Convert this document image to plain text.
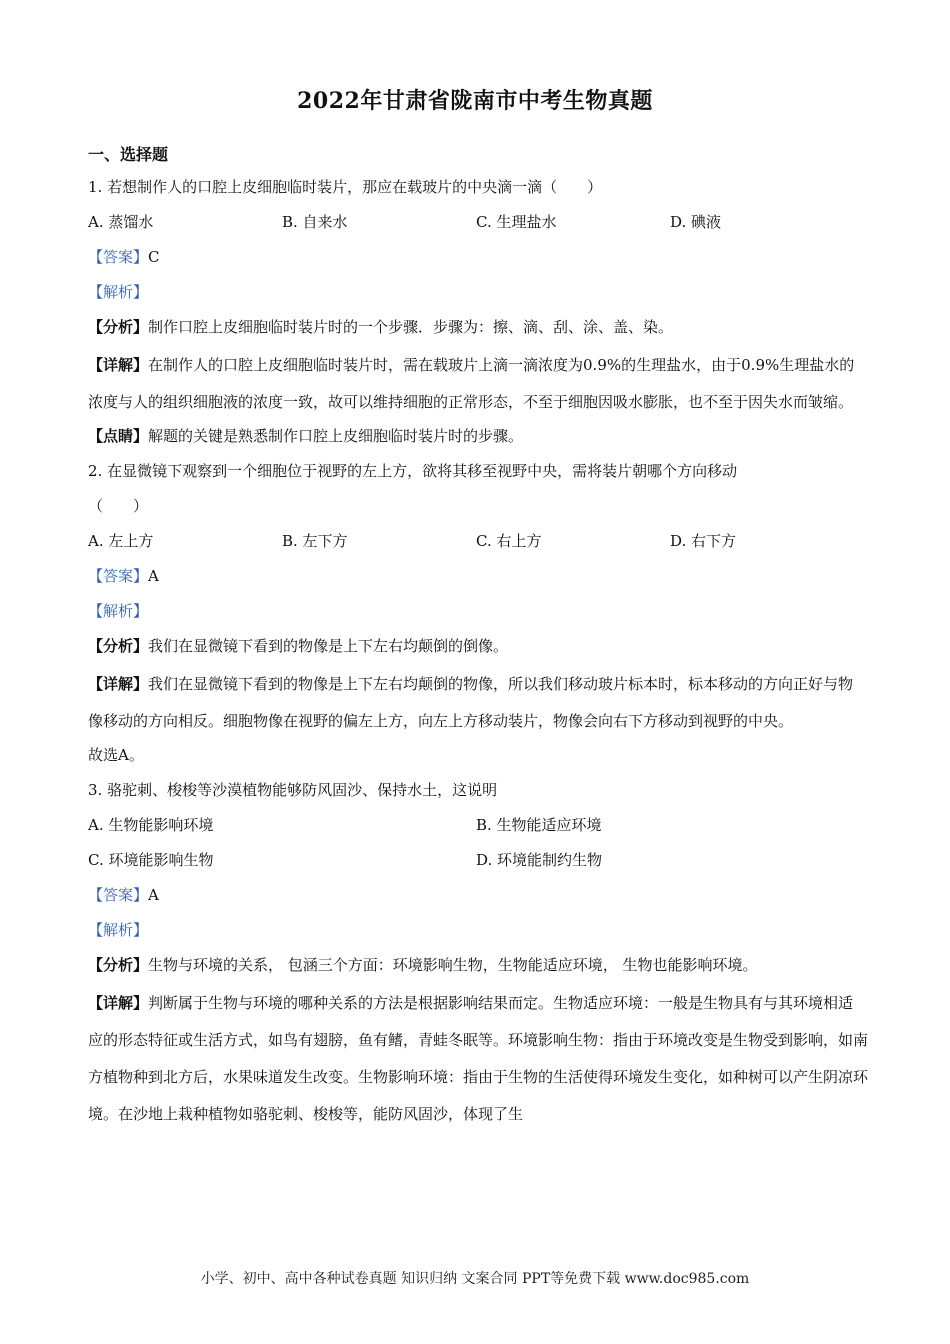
2022年甘肃省陇南市中考生物真题
一、选择题
1. 若想制作人的口腔上皮细胞临时装片，那应在载玻片的中央滴一滴（　　）
A. 蒸馏水	B. 自来水	C. 生理盐水	D. 碘液
【答案】C
【解析】
【分析】制作口腔上皮细胞临时装片时的一个步骤．步骤为：擦、滴、刮、涂、盖、染。
【详解】在制作人的口腔上皮细胞临时装片时，需在载玻片上滴一滴浓度为0.9%的生理盐水，由于0.9%生理盐水的浓度与人的组织细胞液的浓度一致，故可以维持细胞的正常形态，不至于细胞因吸水膨胀，也不至于因失水而皱缩。
【点睛】解题的关键是熟悉制作口腔上皮细胞临时装片时的步骤。
2. 在显微镜下观察到一个细胞位于视野的左上方，欲将其移至视野中央，需将装片朝哪个方向移动
（　　）
A. 左上方	B. 左下方	C. 右上方	D. 右下方
【答案】A
【解析】
【分析】我们在显微镜下看到的物像是上下左右均颠倒的倒像。
【详解】我们在显微镜下看到的物像是上下左右均颠倒的物像，所以我们移动玻片标本时，标本移动的方向正好与物像移动的方向相反。细胞物像在视野的偏左上方，向左上方移动装片，物像会向右下方移动到视野的中央。
故选A。
3. 骆驼刺、梭梭等沙漠植物能够防风固沙、保持水土，这说明
A. 生物能影响环境	B. 生物能适应环境
C. 环境能影响生物	D. 环境能制约生物
【答案】A
【解析】
【分析】生物与环境的关系， 包涵三个方面：环境影响生物，生物能适应环境， 生物也能影响环境。
【详解】判断属于生物与环境的哪种关系的方法是根据影响结果而定。生物适应环境：一般是生物具有与其环境相适应的形态特征或生活方式，如鸟有翅膀，鱼有鳍，青蛙冬眠等。环境影响生物：指由于环境改变是生物受到影响，如南方植物种到北方后，水果味道发生改变。生物影响环境：指由于生物的生活使得环境发生变化，如种树可以产生阴凉环境。在沙地上栽种植物如骆驼刺、梭梭等，能防风固沙，体现了生
小学、初中、高中各种试卷真题 知识归纳 文案合同 PPT等免费下载 www.doc985.com
